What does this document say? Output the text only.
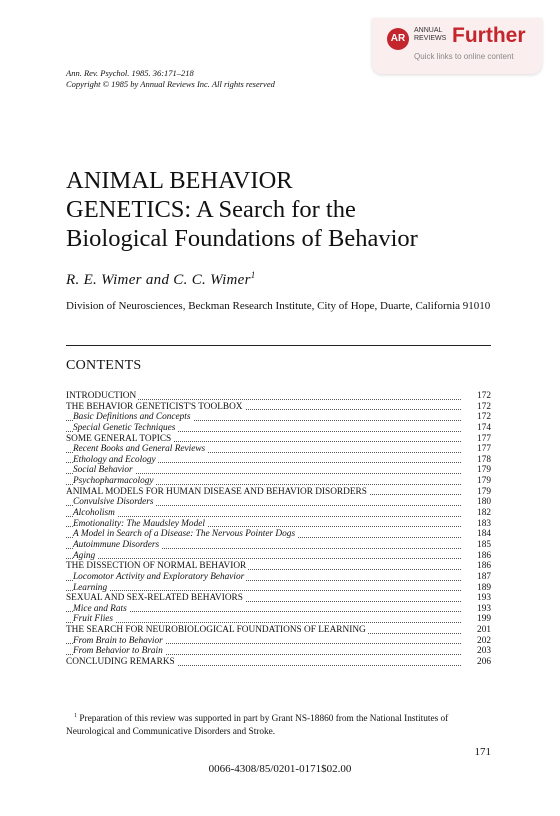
AR
ANNUAL
REVIEWS Further
Quick links to online content
Ann. Rev. Psychol. 1985. 36:171–218
Copyright © 1985 by Annual Reviews Inc. All rights reserved
ANIMAL BEHAVIOR
GENETICS: A Search for the
Biological Foundations of Behavior
R. E. Wimer and C. C. Wimer$^1$
Division of Neurosciences, Beckman Research Institute, City of Hope, Duarte, California 91010
CONTENTS
INTRODUCTION	172
THE BEHAVIOR GENETICIST'S TOOLBOX	172
Basic Definitions and Concepts	172
Special Genetic Techniques	174
SOME GENERAL TOPICS	177
Recent Books and General Reviews	177
Ethology and Ecology	178
Social Behavior	179
Psychopharmacology	179
ANIMAL MODELS FOR HUMAN DISEASE AND BEHAVIOR DISORDERS	179
Convulsive Disorders	180
Alcoholism	182
Emotionality: The Maudsley Model	183
A Model in Search of a Disease: The Nervous Pointer Dogs	184
Autoimmune Disorders	185
Aging	186
THE DISSECTION OF NORMAL BEHAVIOR	186
Locomotor Activity and Exploratory Behavior	187
Learning	189
SEXUAL AND SEX-RELATED BEHAVIORS	193
Mice and Rats	193
Fruit Flies	199
THE SEARCH FOR NEUROBIOLOGICAL FOUNDATIONS OF LEARNING	201
From Brain to Behavior	202
From Behavior to Brain	203
CONCLUDING REMARKS	206
$^1$ Preparation of this review was supported in part by Grant NS-18860 from the National Institutes of Neurological and Communicative Disorders and Stroke.
171
0066-4308/85/0201-0171$02.00
